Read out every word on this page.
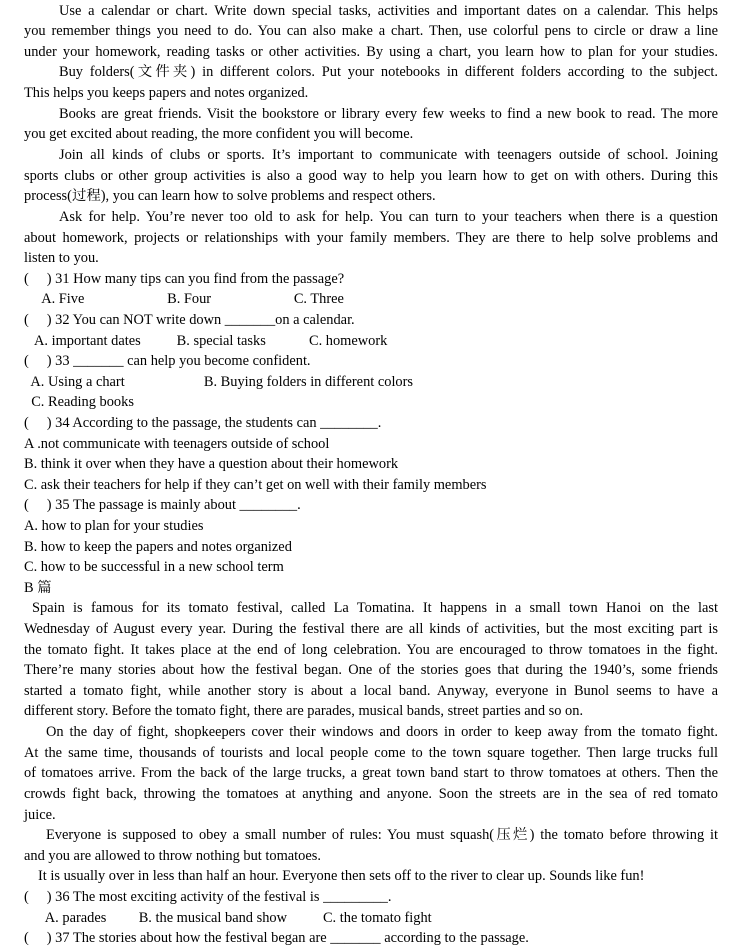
Use a calendar or chart. Write down special tasks, activities and important dates on a calendar. This helps
you remember things you need to do. You can also make a chart. Then, use colorful pens to circle or draw a line
under your homework, reading tasks or other activities. By using a chart, you learn how to plan for your studies.
Buy folders(文件夹) in different colors. Put your notebooks in different folders according to the subject.
This helps you keeps papers and notes organized.
Books are great friends. Visit the bookstore or library every few weeks to find a new book to read. The more
you get excited about reading, the more confident you will become.
Join all kinds of clubs or sports. It’s important to communicate with teenagers outside of school. Joining
sports clubs or other group activities is also a good way to help you learn how to get on with others. During this
process(过程), you can learn how to solve problems and respect others.
Ask for help. You’re never too old to ask for help. You can turn to your teachers when there is a question
about homework, projects or relationships with your family members. They are there to help solve problems and
listen to you.
(     ) 31 How many tips can you find from the passage?
A. Five                       B. Four                       C. Three
(     ) 32 You can NOT write down _______on a calendar.
A. important dates          B. special tasks            C. homework
(     ) 33 _______ can help you become confident.
A. Using a chart                      B. Buying folders in different colors
C. Reading books
(     ) 34 According to the passage, the students can ________.
A .not communicate with teenagers outside of school
B. think it over when they have a question about their homework
C. ask their teachers for help if they can’t get on well with their family members
(     ) 35 The passage is mainly about ________.
A. how to plan for your studies
B. how to keep the papers and notes organized
C. how to be successful in a new school term
B 篇
Spain is famous for its tomato festival, called La Tomatina. It happens in a small town Hanoi on the last
Wednesday of August every year. During the festival there are all kinds of activities, but the most exciting part is
the tomato fight. It takes place at the end of long celebration. You are encouraged to throw tomatoes in the fight.
There’re many stories about how the festival began. One of the stories goes that during the 1940’s, some friends
started a tomato fight, while another story is about a local band. Anyway, everyone in Bunol seems to have a
different story. Before the tomato fight, there are parades, musical bands, street parties and so on.
On the day of fight, shopkeepers cover their windows and doors in order to keep away from the tomato fight.
At the same time, thousands of tourists and local people come to the town square together. Then large trucks full
of tomatoes arrive. From the back of the large trucks, a great town band start to throw tomatoes at others. Then the
crowds fight back, throwing the tomatoes at anything and anyone. Soon the streets are in the sea of red tomato
juice.
Everyone is supposed to obey a small number of rules: You must squash(压烂) the tomato before throwing it
and you are allowed to throw nothing but tomatoes.
It is usually over in less than half an hour. Everyone then sets off to the river to clear up. Sounds like fun!
(     ) 36 The most exciting activity of the festival is _________.
A. parades         B. the musical band show          C. the tomato fight
(     ) 37 The stories about how the festival began are _______ according to the passage.
